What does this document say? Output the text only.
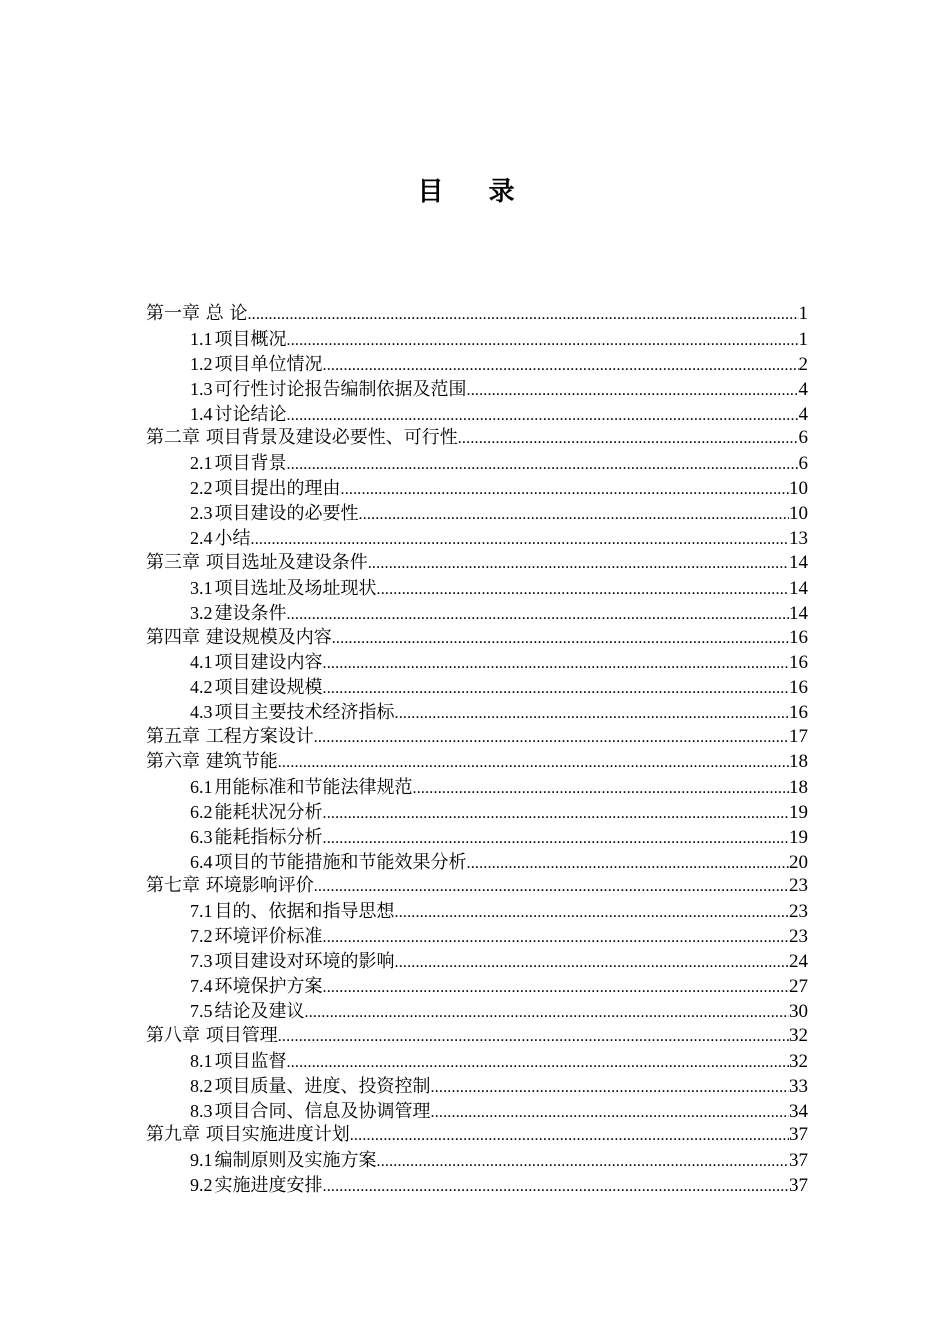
目 录
第一章 总 论 .....	1
1.1 项目概况 .....	1
1.2 项目单位情况 .....	2
1.3 可行性讨论报告编制依据及范围 .....	4
1.4 讨论结论 .....	4
第二章 项目背景及建设必要性、可行性 .....	6
2.1 项目背景 .....	6
2.2 项目提出的理由 .....	10
2.3 项目建设的必要性 .....	10
2.4 小结 .....	13
第三章 项目选址及建设条件 .....	14
3.1 项目选址及场址现状 .....	14
3.2 建设条件 .....	14
第四章 建设规模及内容 .....	16
4.1 项目建设内容 .....	16
4.2 项目建设规模 .....	16
4.3 项目主要技术经济指标 .....	16
第五章 工程方案设计 .....	17
第六章 建筑节能 .....	18
6.1 用能标准和节能法律规范 .....	18
6.2 能耗状况分析 .....	19
6.3 能耗指标分析 .....	19
6.4 项目的节能措施和节能效果分析 .....	20
第七章 环境影响评价 .....	23
7.1 目的、依据和指导思想 .....	23
7.2 环境评价标准 .....	23
7.3 项目建设对环境的影响 .....	24
7.4 环境保护方案 .....	27
7.5 结论及建议 .....	30
第八章 项目管理 .....	32
8.1 项目监督 .....	32
8.2 项目质量、进度、投资控制 .....	33
8.3 项目合同、信息及协调管理 .....	34
第九章 项目实施进度计划 .....	37
9.1 编制原则及实施方案 .....	37
9.2 实施进度安排 .....	37
